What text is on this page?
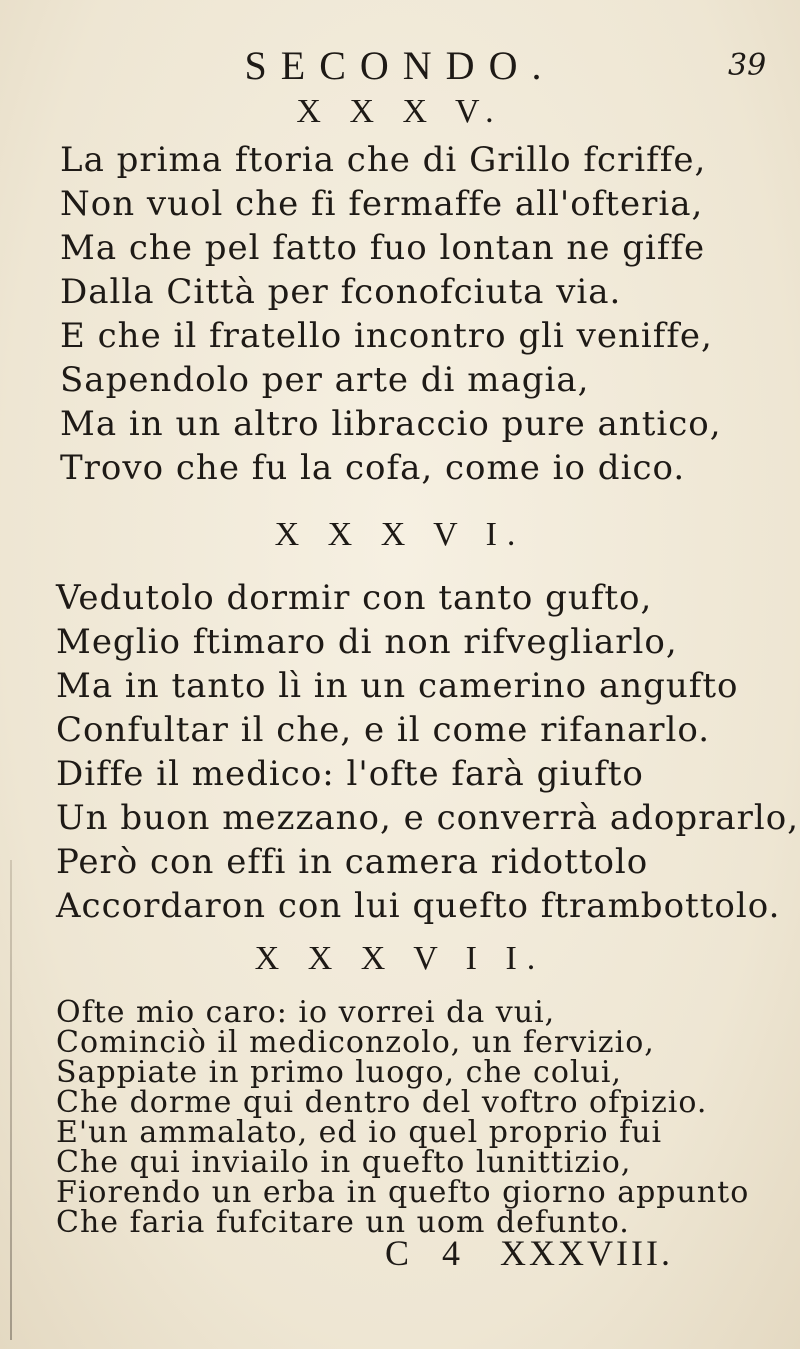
SECONDO.	39
X X X V.
La prima ftoria che di Grillo fcriffe,
Non vuol che fi fermaffe all'ofteria,
Ma che pel fatto fuo lontan ne giffe
Dalla Città per fconofciuta via.
E che il fratello incontro gli veniffe,
Sapendolo per arte di magia,
Ma in un altro libraccio pure antico,
Trovo che fu la cofa, come io dico.
X X X V I.
Vedutolo dormir con tanto gufto,
Meglio ftimaro di non rifvegliarlo,
Ma in tanto lì in un camerino angufto
Confultar il che, e il come rifanarlo.
Diffe il medico: l'ofte farà giufto
Un buon mezzano, e converrà adoprarlo,
Però con effi in camera ridottolo
Accordaron con lui quefto ftrambottolo.
X X X V I I.
Ofte mio caro: io vorrei da vui,
Cominciò il mediconzolo, un fervizio,
Sappiate in primo luogo, che colui,
Che dorme qui dentro del voftro ofpizio.
E'un ammalato, ed io quel proprio fui
Che qui inviailo in quefto lunittizio,
Fiorendo un erba in quefto giorno appunto
Che faria fufcitare un uom defunto.
C 4 XXXVIII.
